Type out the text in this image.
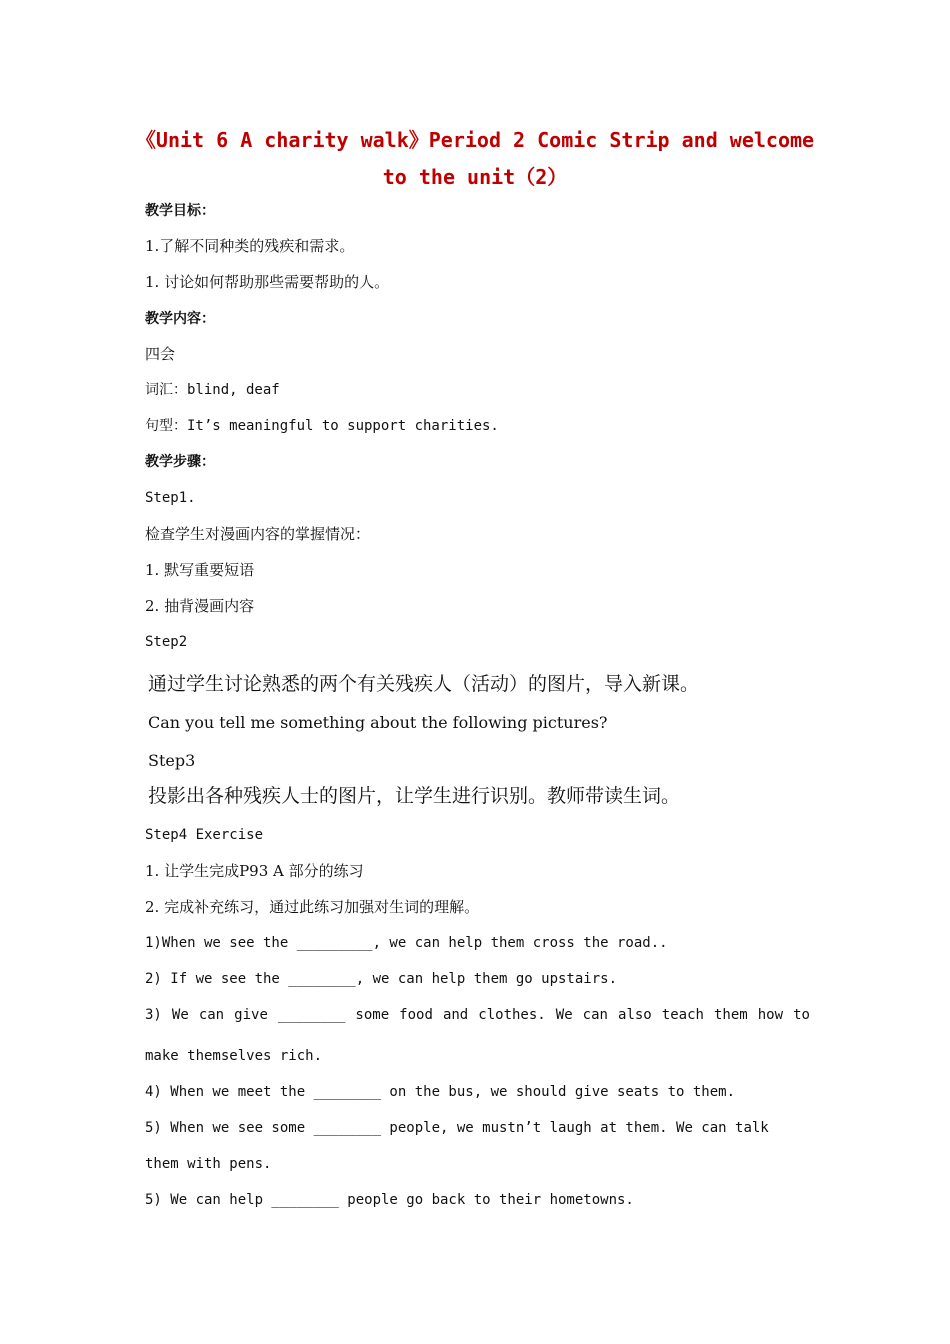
《Unit 6 A charity walk》Period 2 Comic Strip and welcome
to the unit（2）
教学目标：
1.了解不同种类的残疾和需求。
1. 讨论如何帮助那些需要帮助的人。
教学内容：
四会
词汇：blind, deaf
句型：It’s meaningful to support charities.
教学步骤：
Step1.
检查学生对漫画内容的掌握情况：
1. 默写重要短语
2. 抽背漫画内容
Step2
通过学生讨论熟悉的两个有关残疾人（活动）的图片，导入新课。
Can you tell me something about the following pictures?
Step3
投影出各种残疾人士的图片，让学生进行识别。教师带读生词。
Step4 Exercise
1. 让学生完成P93 A 部分的练习
2. 完成补充练习，通过此练习加强对生词的理解。
1)When we see the _________, we can help them cross the road..
2) If we see the ________, we can help them go upstairs.
3) We can give ________ some food and clothes. We can also teach them how to
make themselves rich.
4) When we meet the ________ on the bus, we should give seats to them.
5) When we see some ________ people, we mustn’t laugh at them. We can talk
them with pens.
5) We can help ________ people go back to their hometowns.
